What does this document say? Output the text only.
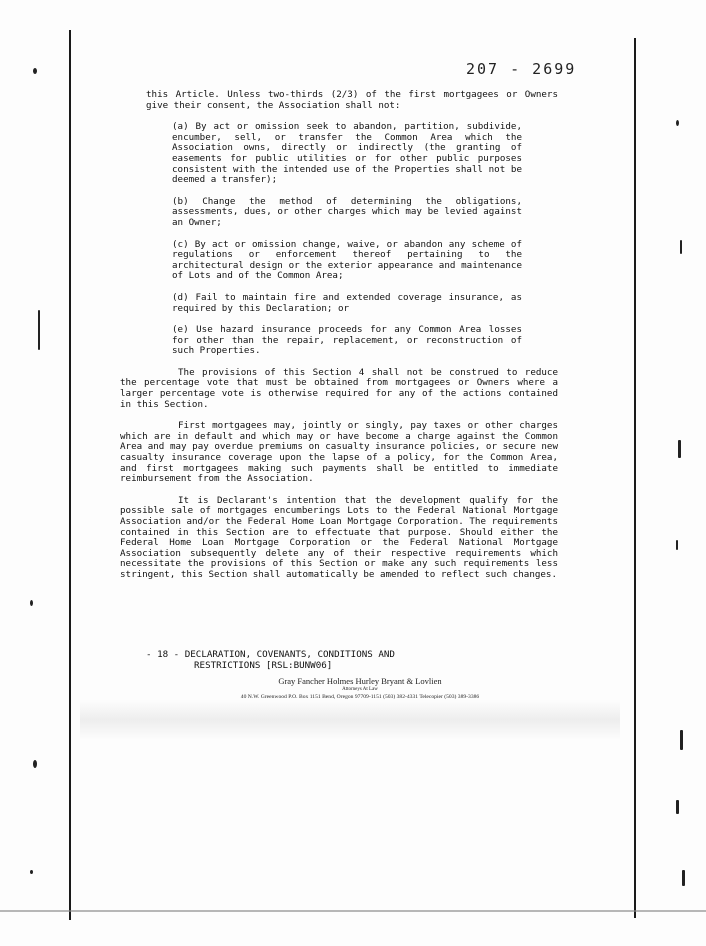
207 - 2699

this Article. Unless two-thirds (2/3) of the first mortgagees or Owners give their consent, the Association shall not:

(a) By act or omission seek to abandon, partition, subdivide, encumber, sell, or transfer the Common Area which the Association owns, directly or indirectly (the granting of easements for public utilities or for other public purposes consistent with the intended use of the Properties shall not be deemed a transfer);

(b) Change the method of determining the obligations, assessments, dues, or other charges which may be levied against an Owner;

(c) By act or omission change, waive, or abandon any scheme of regulations or enforcement thereof pertaining to the architectural design or the exterior appearance and maintenance of Lots and of the Common Area;

(d) Fail to maintain fire and extended coverage insurance, as required by this Declaration; or

(e) Use hazard insurance proceeds for any Common Area losses for other than the repair, replacement, or reconstruction of such Properties.

The provisions of this Section 4 shall not be construed to reduce the percentage vote that must be obtained from mortgagees or Owners where a larger percentage vote is otherwise required for any of the actions contained in this Section.

First mortgagees may, jointly or singly, pay taxes or other charges which are in default and which may or have become a charge against the Common Area and may pay overdue premiums on casualty insurance policies, or secure new casualty insurance coverage upon the lapse of a policy, for the Common Area, and first mortgagees making such payments shall be entitled to immediate reimbursement from the Association.

It is Declarant's intention that the development qualify for the possible sale of mortgages encumberings Lots to the Federal National Mortgage Association and/or the Federal Home Loan Mortgage Corporation. The requirements contained in this Section are to effectuate that purpose. Should either the Federal Home Loan Mortgage Corporation or the Federal National Mortgage Association subsequently delete any of their respective requirements which necessitate the provisions of this Section or make any such requirements less stringent, this Section shall automatically be amended to reflect such changes.

- 18 - DECLARATION, COVENANTS, CONDITIONS AND
RESTRICTIONS [RSL:BUNW06]
Gray Fancher Holmes Hurley Bryant & Lovlien
Attorneys At Law
40 N.W. Greenwood P.O. Box 1151 Bend, Oregon 97709-1151 (503) 382-4331 Telecopier (503) 389-3386
